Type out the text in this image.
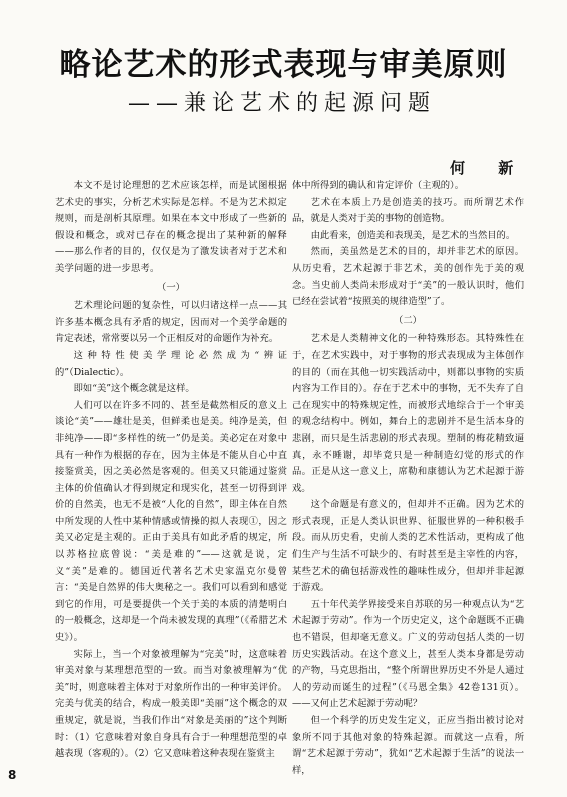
略论艺术的形式表现与审美原则
——兼论艺术的起源问题
何 新

本文不是讨论理想的艺术应该怎样，而是试图根据艺术史的事实，分析艺术实际是怎样。不是为艺术拟定规则，而是剖析其原理。如果在本文中形成了一些新的假设和概念，或对已存在的概念提出了某种新的解释——那么作者的目的，仅仅是为了激发读者对于艺术和美学问题的进一步思考。

（一）

艺术理论问题的复杂性，可以归诸这样一点——其许多基本概念具有矛盾的规定，因而对一个美学命题的肯定表述，常常要以另一个正相反对的命题作为补充。

这种特性使美学理论必然成为“辨证的”（Dialectic）。

即如“美”这个概念就是这样。

人们可以在许多不同的、甚至是截然相反的意义上谈论“美”——雄壮是美，但鲜柔也是美。纯净是美，但非纯净——即“多样性的统一”仍是美。美必定在对象中具有一种作为根据的存在，因为主体是不能从自心中直接鉴赏美，因之美必然是客观的。但美又只能通过鉴赏主体的价值确认才得到规定和现实化，甚至一切得到评价的自然美，也无不是被“人化的自然”，即主体在自然中所发现的人性中某种情感或情操的拟人表现①，因之美又必定是主观的。正由于美具有如此矛盾的规定，所以苏格拉底曾说：“美是难的”——这就是说，定义“美”是难的。德国近代著名艺术史家温克尔曼曾言：“美是自然界的伟大奥秘之一。我们可以看到和感觉到它的作用，可是要提供一个关于美的本质的清楚明白的一般概念，这却是一个尚未被发现的真理”（《希腊艺术史》）。

实际上，当一个对象被理解为“完美”时，这意味着审美对象与某理想范型的一致。而当对象被理解为“优美”时，则意味着主体对于对象所作出的一种审美评价。完美与优美的结合，构成一般美即“美丽”这个概念的双重规定，就是说，当我们作出“对象是美丽的”这个判断时：（1）它意味着对象自身具有合于一种理想范型的卓越表现（客观的）。（2）它又意味着这种表现在鉴赏主

体中所得到的确认和肯定评价（主观的）。

艺术在本质上乃是创造美的技巧。而所谓艺术作品，就是人类对于美的事物的创造物。

由此看来，创造美和表现美，是艺术的当然目的。

然而，美虽然是艺术的目的，却并非艺术的原因。从历史看，艺术起源于非艺术，美的创作先于美的观念。当史前人类尚未形成对于“美”的一般认识时，他们已经在尝试着“按照美的规律造型”了。

（二）

艺术是人类精神文化的一种特殊形态。其特殊性在于，在艺术实践中，对于事物的形式表现成为主体创作的目的（而在其他一切实践活动中，则都以事物的实质内容为工作目的）。存在于艺术中的事物，无不失弃了自己在现实中的特殊规定性，而被形式地综合于一个审美的观念结构中。例如，舞台上的悲剧并不是生活本身的悲剧，而只是生活悲剧的形式表现。塑制的梅花精致逼真，永不睡谢，却毕竟只是一种制造幻觉的形式的作品。正是从这一意义上，席勒和康德认为艺术起源于游戏。

这个命题是有意义的，但却并不正确。因为艺术的形式表现，正是人类认识世界、征服世界的一种积极手段。而从历史看，史前人类的艺术性活动，更构成了他们生产与生活不可缺少的、有时甚至是主宰性的内容，某些艺术的确包括游戏性的趣味性成分，但却并非起源于游戏。

五十年代美学界接受来自苏联的另一种观点认为“艺术起源于劳动”。作为一个历史定义，这个命题既不正确也不错误，但却毫无意义。广义的劳动包括人类的一切历史实践活动。在这个意义上，甚至人类本身都是劳动的产物，马克思指出，“整个所谓世界历史不外是人通过人的劳动而诞生的过程”（《马恩全集》42卷131页）。——又何止艺术起源于劳动呢？

但一个科学的历史发生定义，正应当指出被讨论对象所不同于其他对象的特殊起源。而就这一点看，所谓“艺术起源于劳动”，犹如“艺术起源于生活”的说法一样，

8
